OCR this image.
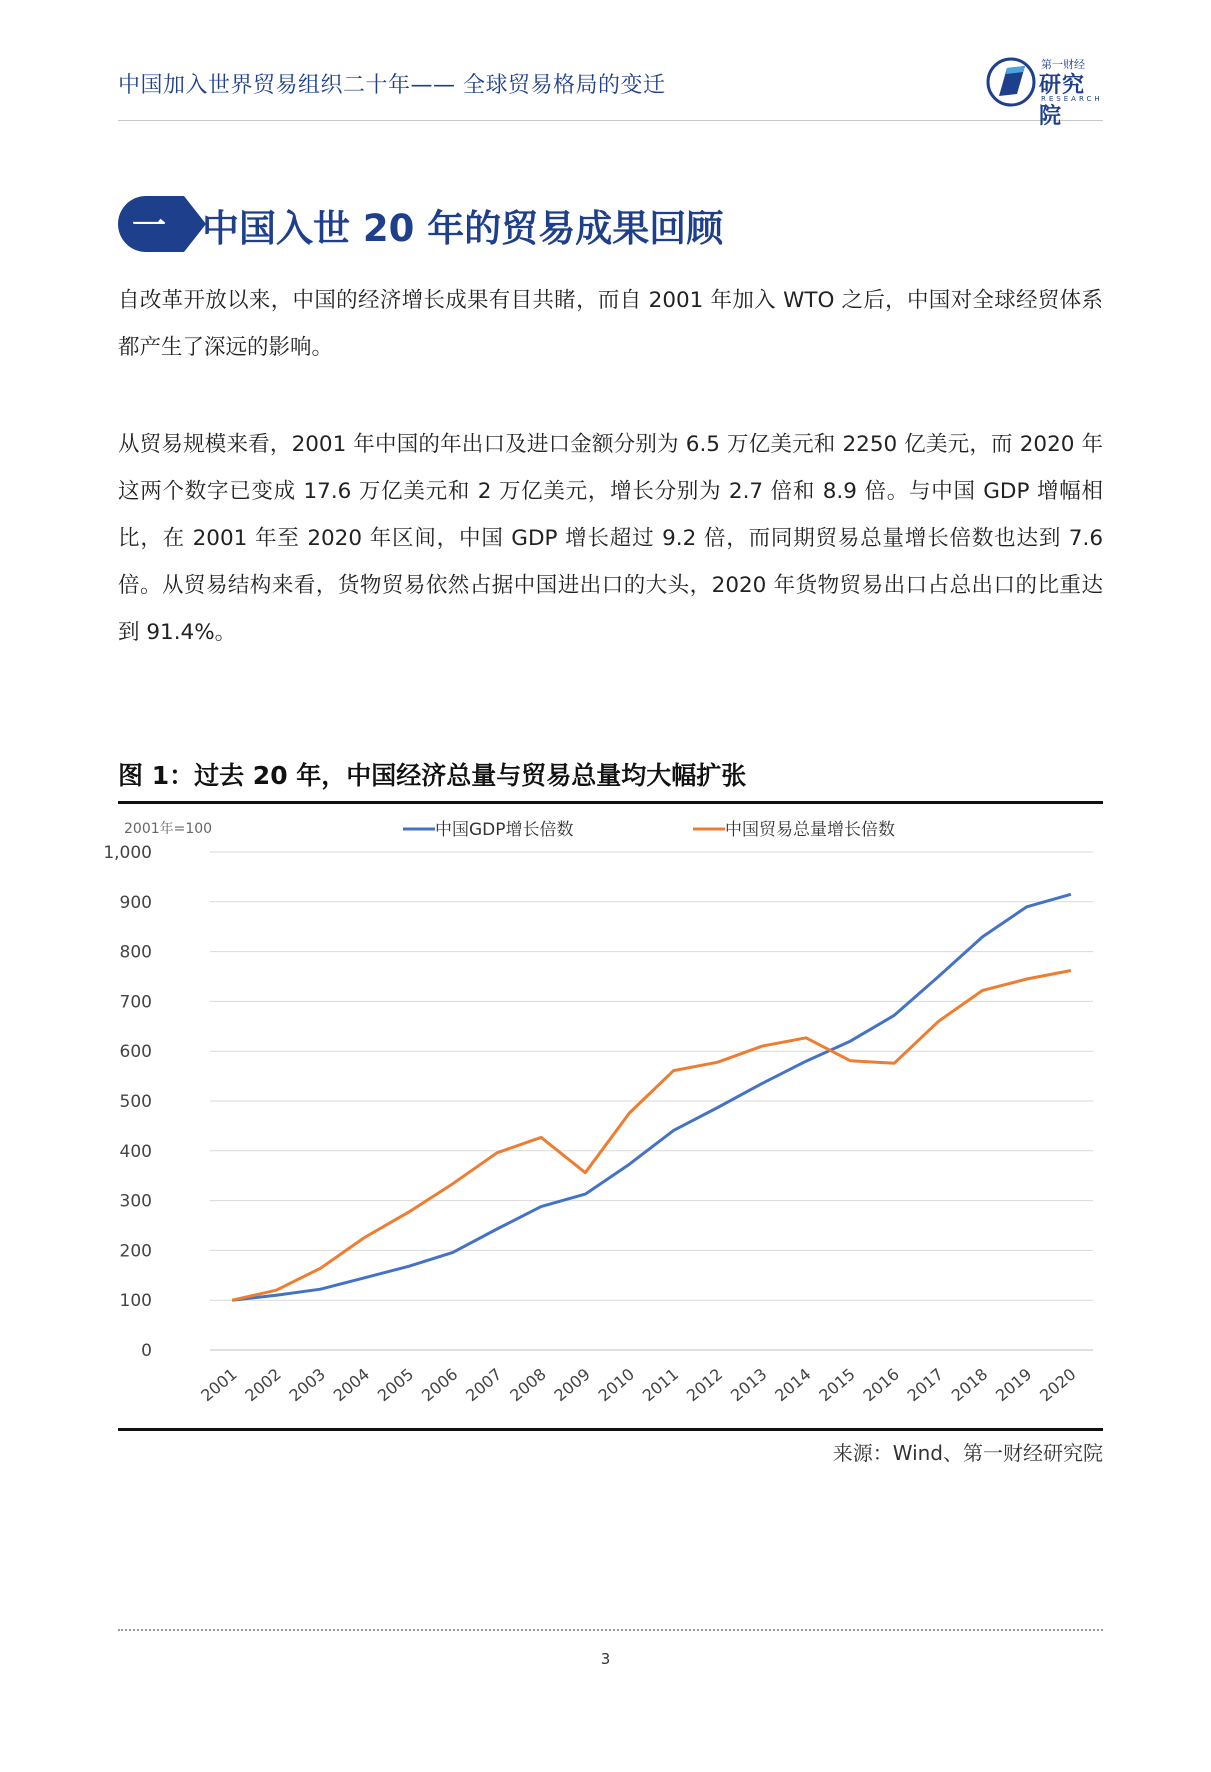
中国加入世界贸易组织二十年—— 全球贸易格局的变迁
第一财经
研究院
RESEARCH
一 中国入世 20 年的贸易成果回顾
自改革开放以来，中国的经济增长成果有目共睹，而自 2001 年加入 WTO 之后，中国对全球经贸体系都产生了深远的影响。
从贸易规模来看，2001 年中国的年出口及进口金额分别为 6.5 万亿美元和 2250 亿美元，而 2020 年这两个数字已变成 17.6 万亿美元和 2 万亿美元，增长分别为 2.7 倍和 8.9 倍。与中国 GDP 增幅相比，在 2001 年至 2020 年区间，中国 GDP 增长超过 9.2 倍，而同期贸易总量增长倍数也达到 7.6 倍。从贸易结构来看，货物贸易依然占据中国进出口的大头，2020 年货物贸易出口占总出口的比重达到 91.4%。
图 1：过去 20 年，中国经济总量与贸易总量均大幅扩张
2001年=100
0
100
200
300
400
500
600
700
800
900
1,000
2001 2002 2003 2004 2005 2006 2007 2008 2009 2010 2011 2012 2013 2014 2015 2016 2017 2018 2019 2020
中国GDP增长倍数	中国贸易总量增长倍数
来源：Wind、第一财经研究院
3
